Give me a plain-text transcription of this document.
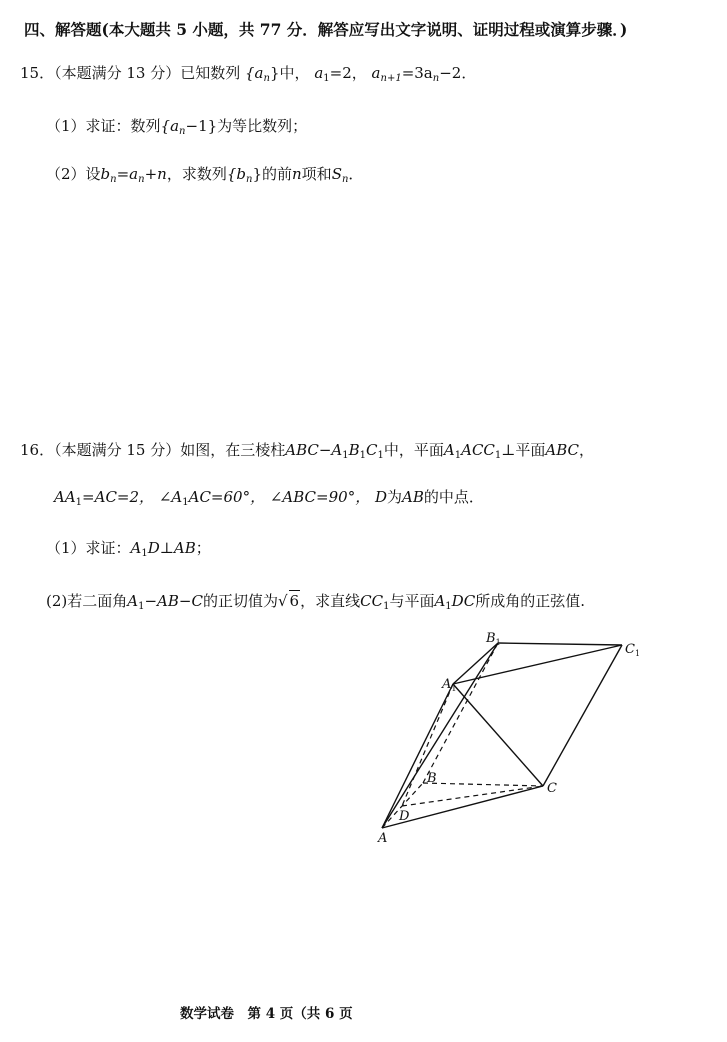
四、解答题(本大题共 5 小题，共 77 分．解答应写出文字说明、证明过程或演算步骤．)
15．（本题满分 13 分）已知数列 $\{a_n\}$中， $a_1=2$， $a_{n+1}=3a_n-2$．
（1）求证：数列$\{a_n-1\}$为等比数列；
（2）设$b_n=a_n+n$，求数列$\{b_n\}$的前n项和$S_n$．
16．（本题满分 15 分）如图，在三棱柱$ABC-A_1B_1C_1$中，平面$A_1ACC_1\perp$平面ABC，
$AA_1=AC=2$， $\angle A_1AC=60^\circ$， ∠ABC=90°， D为AB的中点．
（1）求证：$A_1D\perp AB$；
(2)若二面角$A_1-AB-C$的正切值为√ 6，求直线$CC_1$与平面$A_1DC$所成角的正弦值.
$B_1$	$C_1$
$A_1$
B
C
D
A
数学试卷　第 4 页（共 6 页
